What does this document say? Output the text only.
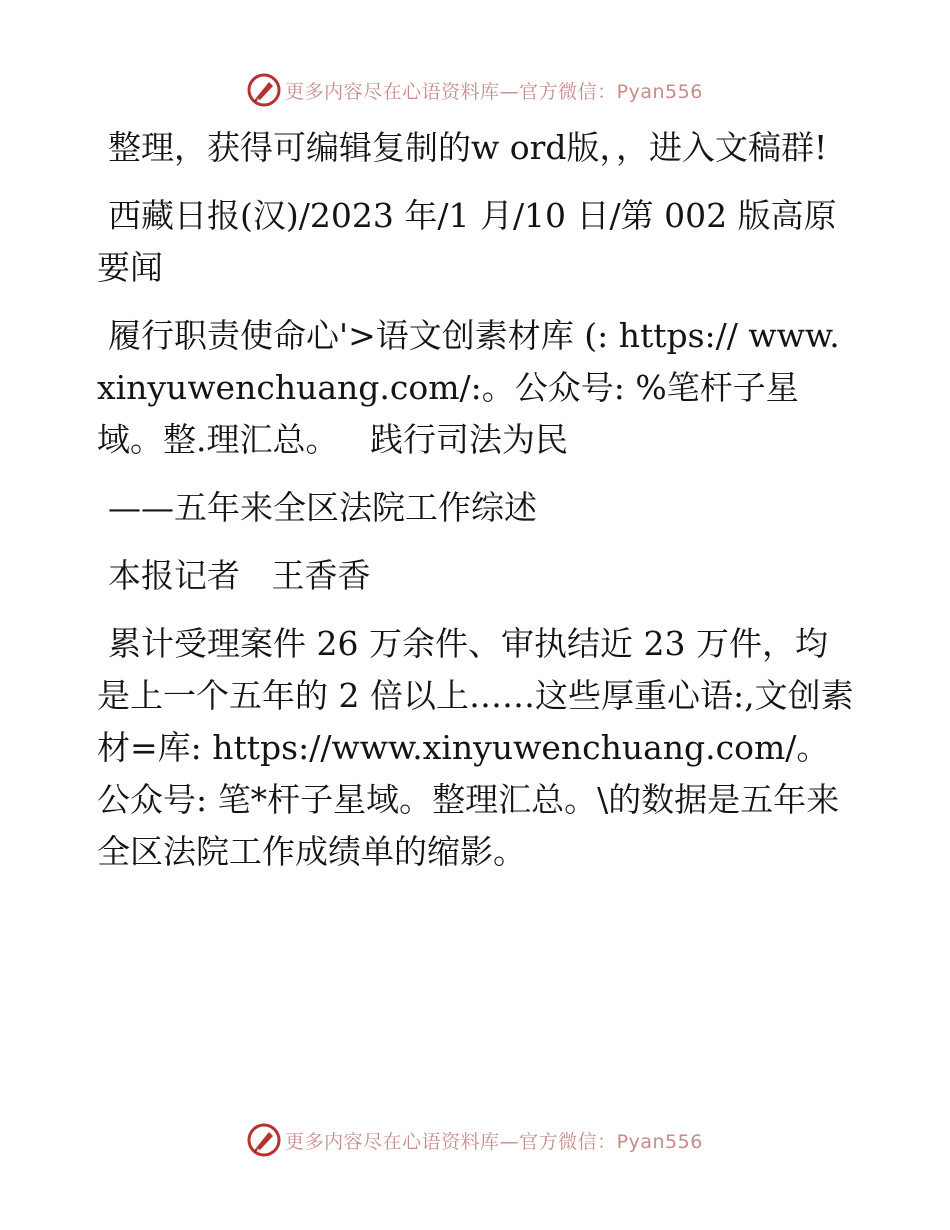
更多内容尽在心语资料库—官方微信：Pyan556

整理，获得可编辑复制的w ord版，，进入文稿群!

西藏日报(汉)/2023 年/1 月/10 日/第 002 版高原要闻

履行职责使命心'>语文创素材库 (: https:// www.xinyuwenchuang.com/:。公众号: %笔杆子星域。整.理汇总。   践行司法为民

——五年来全区法院工作综述

本报记者   王香香

累计受理案件 26 万余件、审执结近 23 万件，均是上一个五年的 2 倍以上……这些厚重心语:,文创素材=库: https://www.xinyuwenchuang.com/。公众号: 笔*杆子星域。整理汇总。\的数据是五年来全区法院工作成绩单的缩影。

更多内容尽在心语资料库—官方微信：Pyan556
